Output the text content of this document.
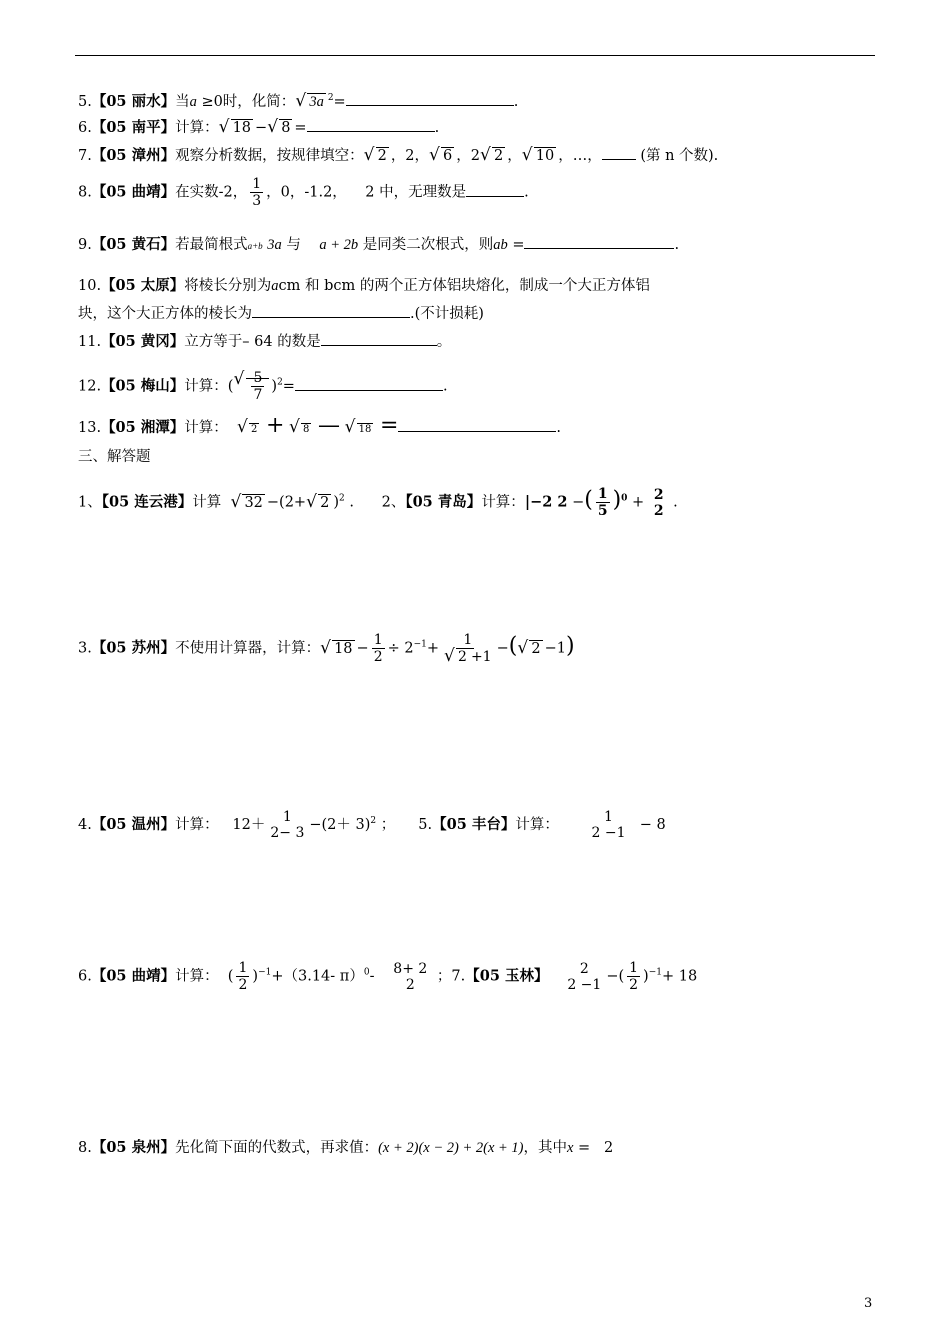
5.【05 丽水】当a ≥0时，化简： √ 3a $^2$=	.
6.【05 南平】计算： √ 18 − √ 8 =	.
7.【05 漳州】观察分析数据，按规律填空： √ 2 ，2， √ 6 ，2 √ 2 ， √ 10 ，…，	(第 n 个数).
8.【05 曲靖】在实数-2， $\frac{1}{3}$ ，0，-1.2， 2 中，无理数是	.
9.【05 黄石】若最简根式a+b 3a 与 a + 2b 是同类二次根式，则ab =	.
10.【05 太原】将棱长分别为acm 和 bcm 的两个正方体铝块熔化，制成一个大正方体铝
块，这个大正方体的棱长为	.(不计损耗)
11.【05 黄冈】立方等于– 64 的数是	。
12.【05 梅山】计算：( √ $\frac{5}{7} )^2=$	.
13.【05 湘潭】计算： √ 2 + √ 8 — √ 18 =	.
三、解答题
1、【05 连云港】计算 √ 32 −(2+ √ 2 )$^2$ . 2、【05 青岛】计算：|−2 2 −( $\frac{1}{5} )^0 + 2$
2 .
3.【05 苏州】不使用计算器，计算： √ $18 - \frac{1}{2} \div 2^{-1}+ 1$
√ 2 +1 −( √ 2 −1)
4.【05 温州】计算： 12＋ 1
$2- 3 -(2+ 3)^2$ ； 5.【05 丰台】计算：	1
2 −1 − 8
6.【05 曲靖】计算： ( $\frac{1}{2} )^{-1}+(3.14-$ π）$^0$- 8+ 2
2 ；7.【05 玉林】 2
2 −1 −( $\frac{1}{2} )^{-1}+ 18$
8.【05 泉州】先化简下面的代数式，再求值：(x + 2)(x − 2) + 2(x + 1)，其中x = 2
3
